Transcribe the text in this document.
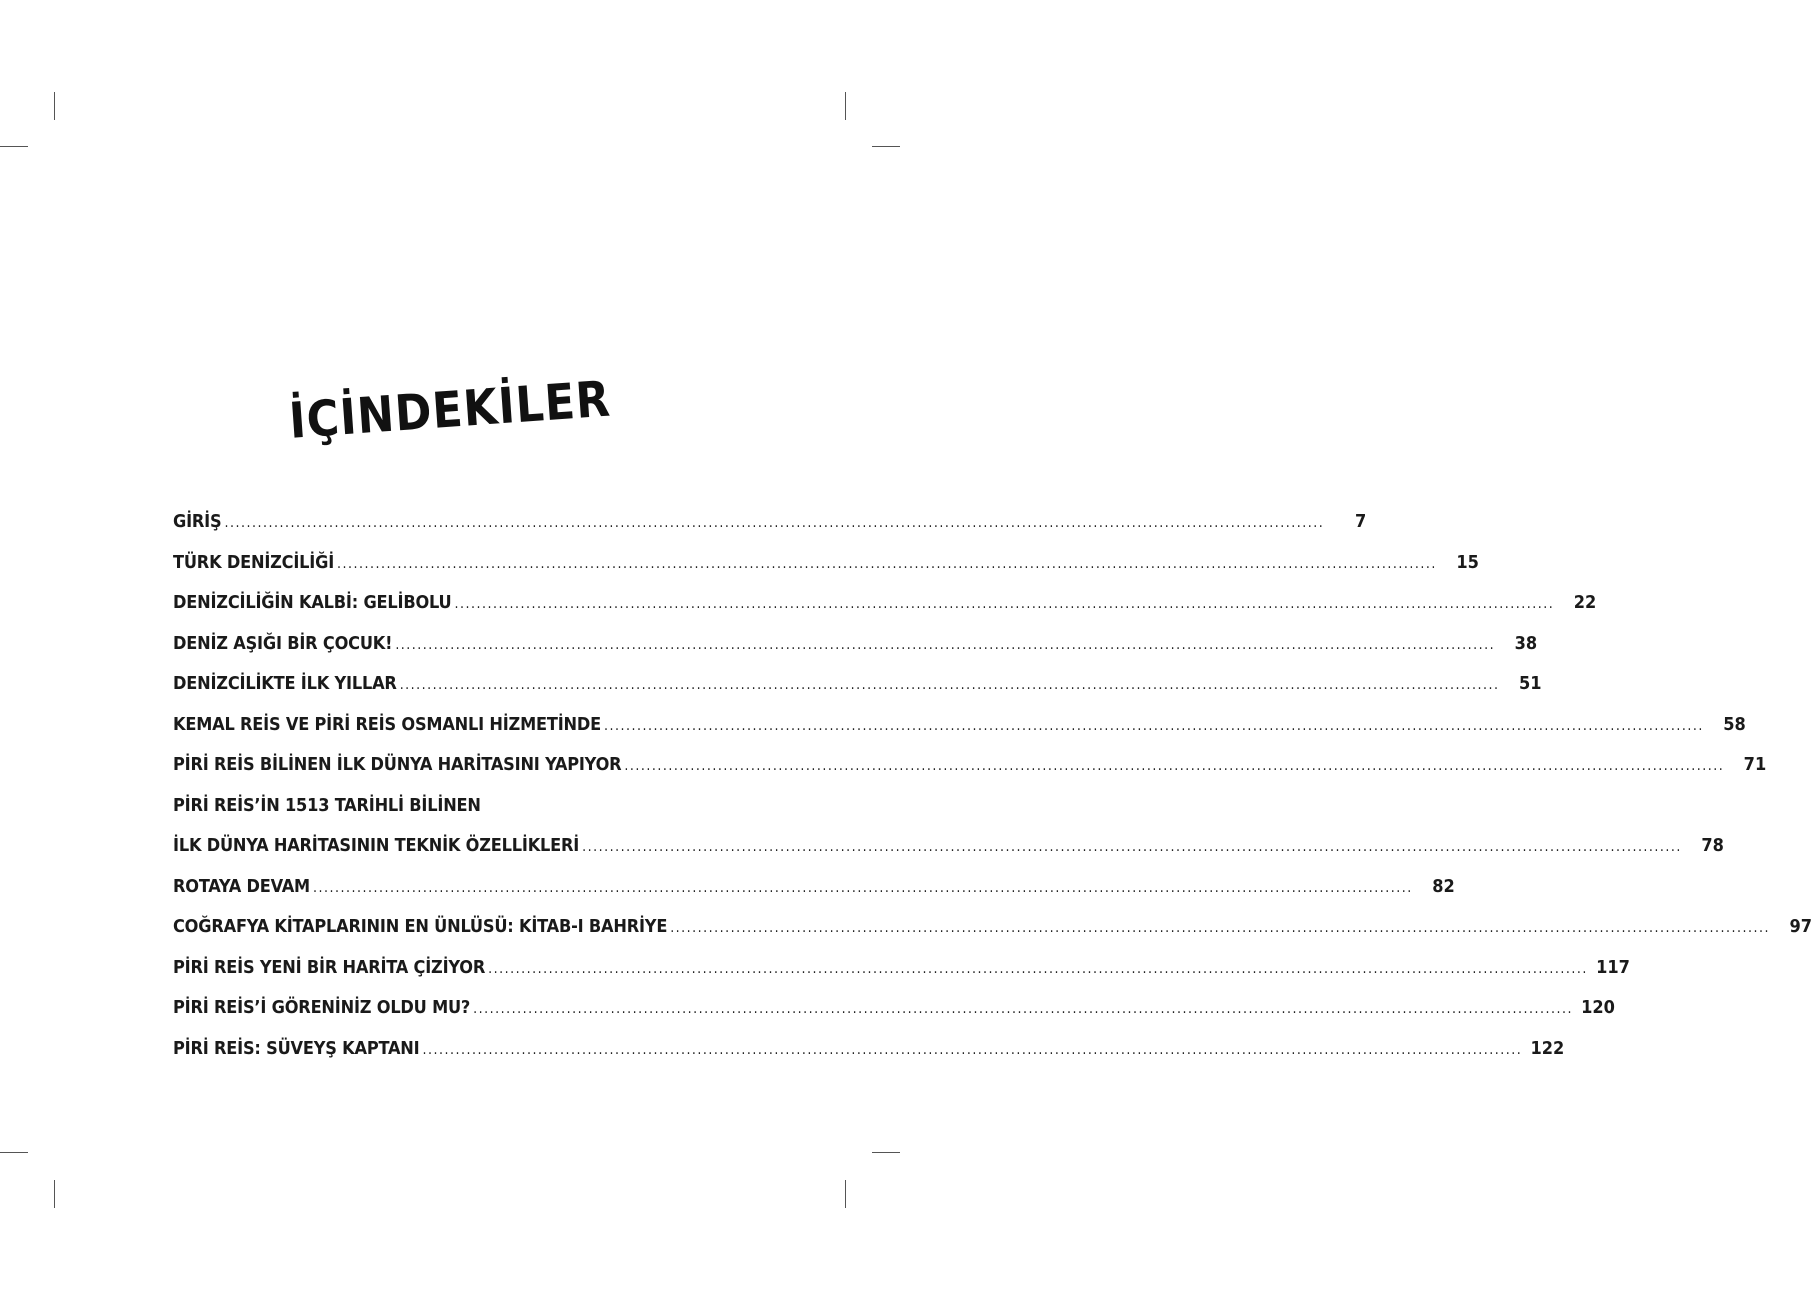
İÇİNDEKİLER
GİRİŞ ........................................................................................................................................................................................................	7
TÜRK DENİZCİLİĞİ ........................................................................................................................................................................................................	15
DENİZCİLİĞİN KALBİ: GELİBOLU ........................................................................................................................................................................................................	22
DENİZ AŞIĞI BİR ÇOCUK! ........................................................................................................................................................................................................	38
DENİZCİLİKTE İLK YILLAR ........................................................................................................................................................................................................	51
KEMAL REİS VE PİRİ REİS OSMANLI HİZMETİNDE ........................................................................................................................................................................................................	58
PİRİ REİS BİLİNEN İLK DÜNYA HARİTASINI YAPIYOR ........................................................................................................................................................................................................	71
PİRİ REİS’İN 1513 TARİHLİ BİLİNEN
İLK DÜNYA HARİTASININ TEKNİK ÖZELLİKLERİ ........................................................................................................................................................................................................	78
ROTAYA DEVAM ........................................................................................................................................................................................................	82
COĞRAFYA KİTAPLARININ EN ÜNLÜSÜ: KİTAB-I BAHRİYE ........................................................................................................................................................................................................	97
PİRİ REİS YENİ BİR HARİTA ÇİZİYOR ........................................................................................................................................................................................................ 117
PİRİ REİS’İ GÖRENİNİZ OLDU MU? ........................................................................................................................................................................................................ 120
PİRİ REİS: SÜVEYŞ KAPTANI ........................................................................................................................................................................................................ 122
